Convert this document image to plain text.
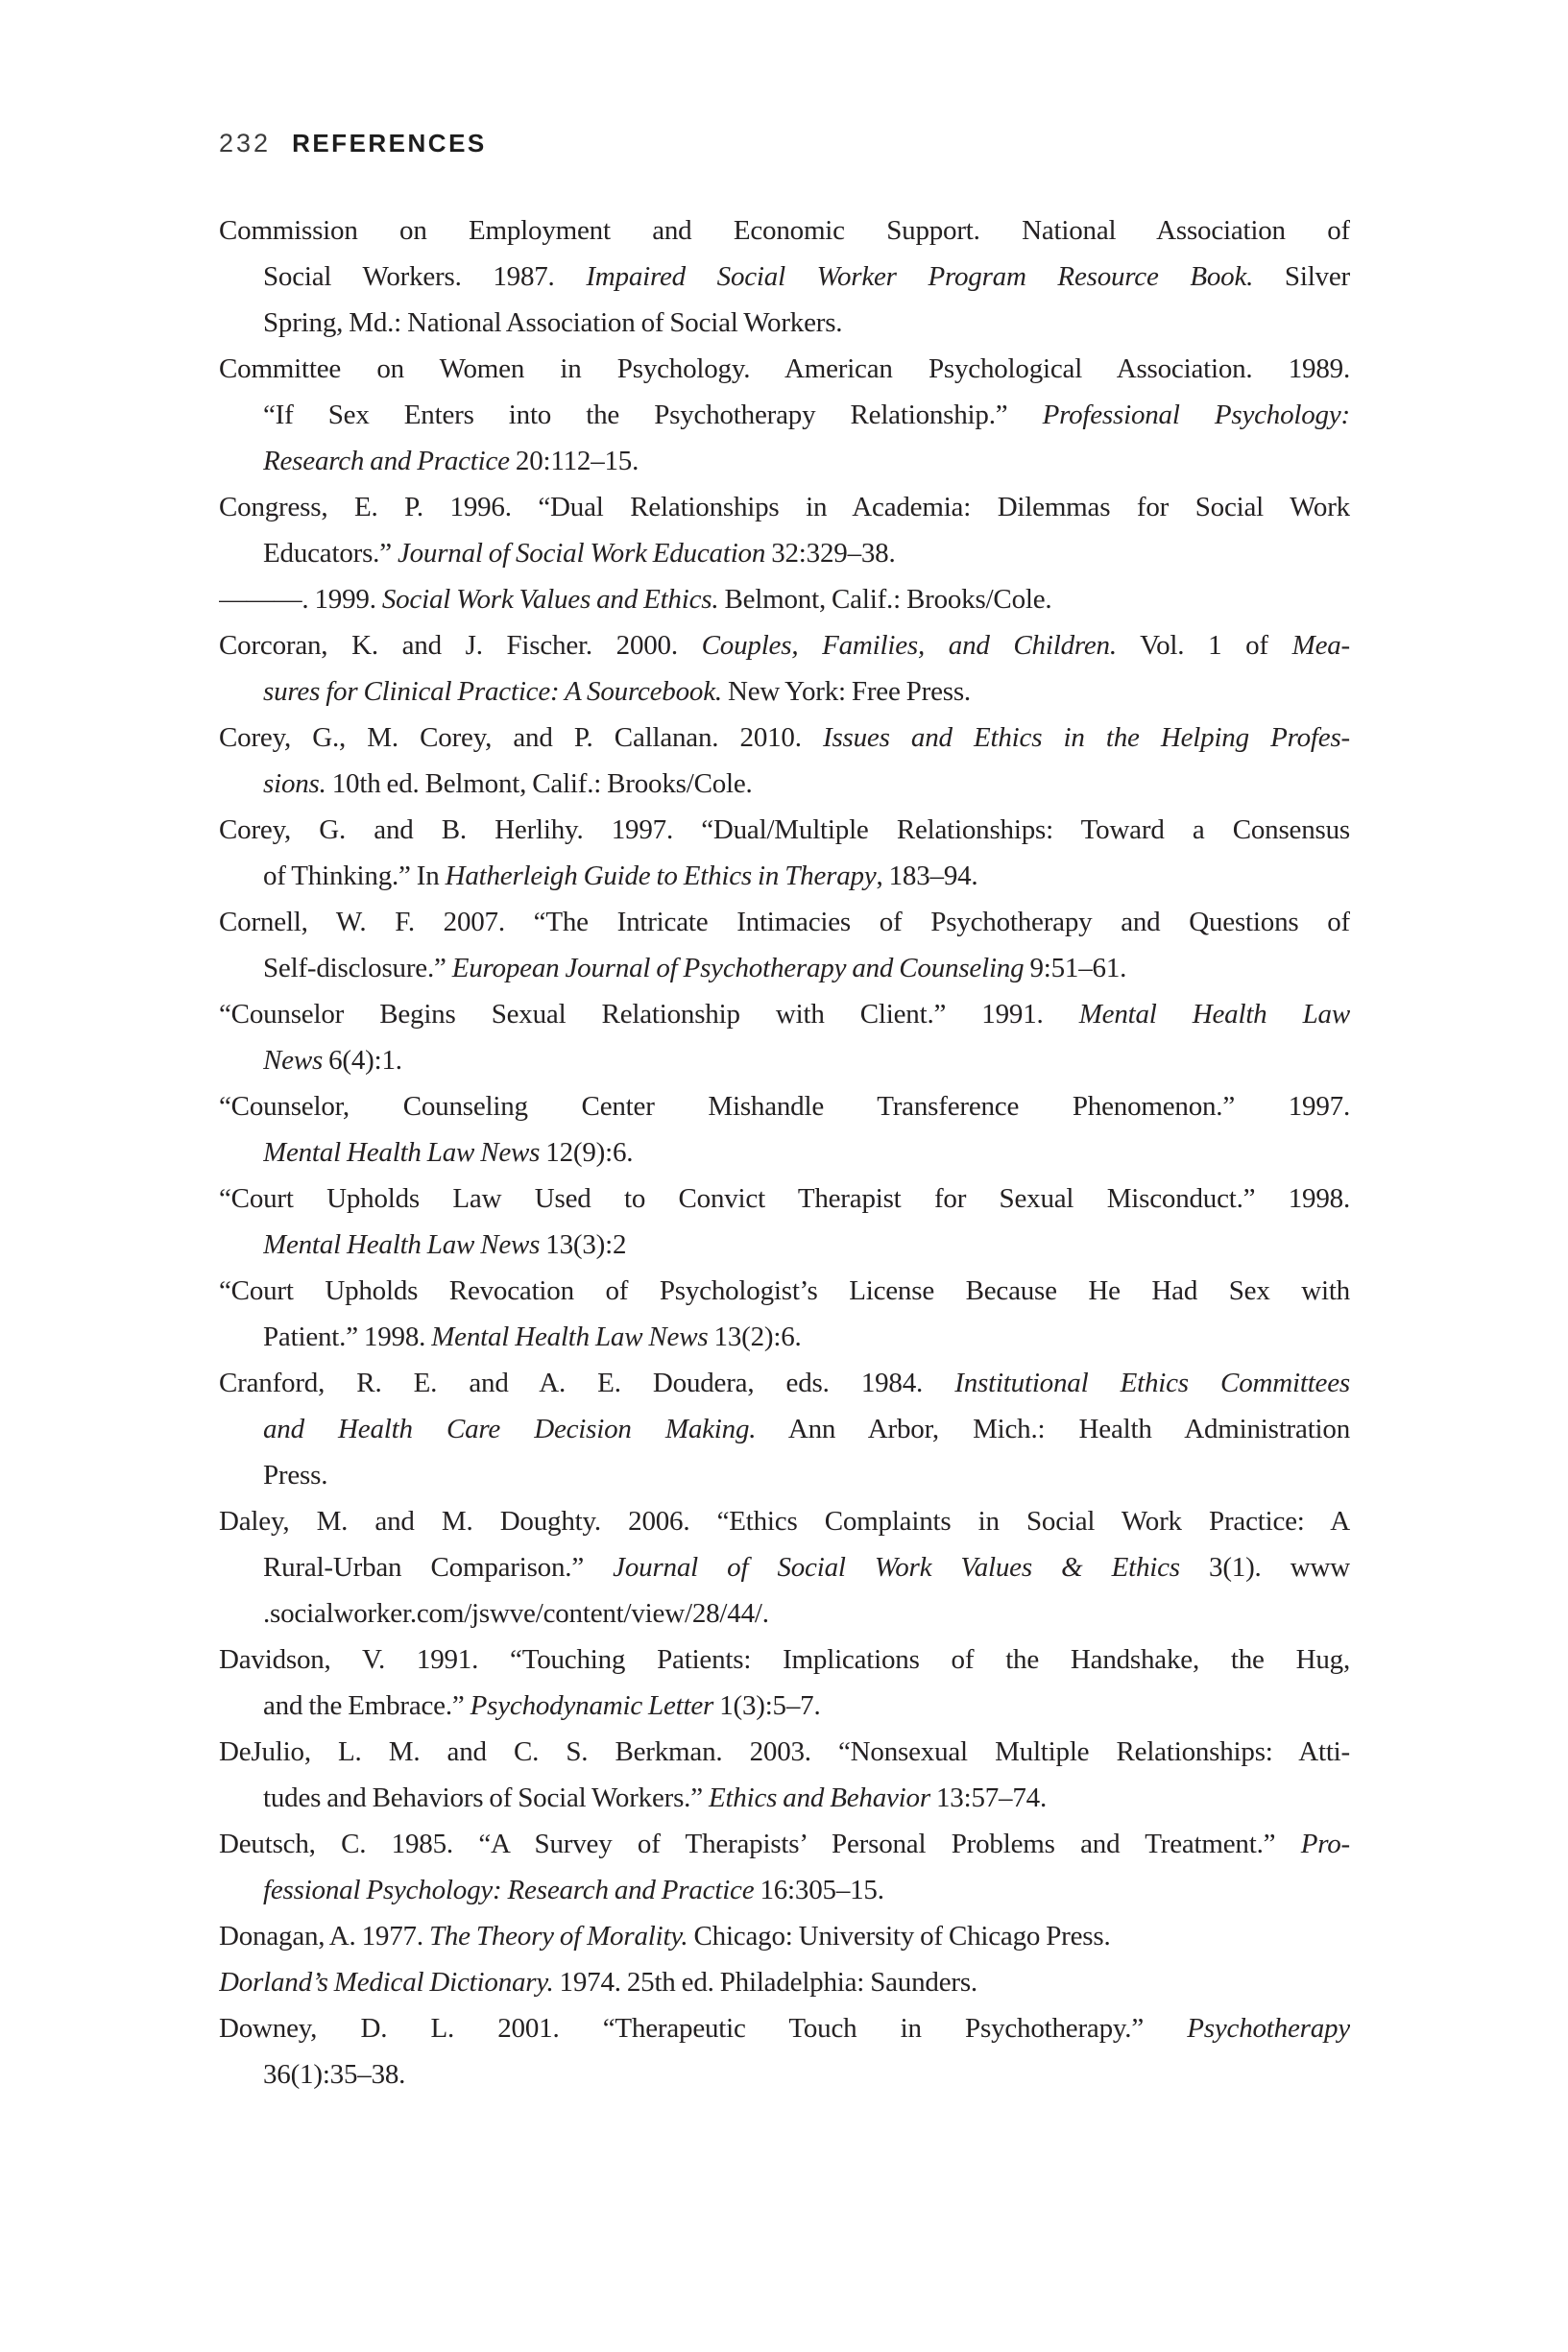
232 REFERENCES
Commission on Employment and Economic Support. National Association of
Social Workers. 1987. Impaired Social Worker Program Resource Book. Silver
Spring, Md.: National Association of Social Workers.
Committee on Women in Psychology. American Psychological Association. 1989.
“If Sex Enters into the Psychotherapy Relationship.” Professional Psychology:
Research and Practice 20:112–15.
Congress, E. P. 1996. “Dual Relationships in Academia: Dilemmas for Social Work
Educators.” Journal of Social Work Education 32:329–38.
———. 1999. Social Work Values and Ethics. Belmont, Calif.: Brooks/Cole.
Corcoran, K. and J. Fischer. 2000. Couples, Families, and Children. Vol. 1 of Mea-
sures for Clinical Practice: A Sourcebook. New York: Free Press.
Corey, G., M. Corey, and P. Callanan. 2010. Issues and Ethics in the Helping Profes-
sions. 10th ed. Belmont, Calif.: Brooks/Cole.
Corey, G. and B. Herlihy. 1997. “Dual/Multiple Relationships: Toward a Consensus
of Thinking.” In Hatherleigh Guide to Ethics in Therapy, 183–94.
Cornell, W. F. 2007. “The Intricate Intimacies of Psychotherapy and Questions of
Self-disclosure.” European Journal of Psychotherapy and Counseling 9:51–61.
“Counselor Begins Sexual Relationship with Client.” 1991. Mental Health Law
News 6(4):1.
“Counselor, Counseling Center Mishandle Transference Phenomenon.” 1997.
Mental Health Law News 12(9):6.
“Court Upholds Law Used to Convict Therapist for Sexual Misconduct.” 1998.
Mental Health Law News 13(3):2
“Court Upholds Revocation of Psychologist’s License Because He Had Sex with
Patient.” 1998. Mental Health Law News 13(2):6.
Cranford, R. E. and A. E. Doudera, eds. 1984. Institutional Ethics Committees
and Health Care Decision Making. Ann Arbor, Mich.: Health Administration
Press.
Daley, M. and M. Doughty. 2006. “Ethics Complaints in Social Work Practice: A
Rural-Urban Comparison.” Journal of Social Work Values & Ethics 3(1). www
.socialworker.com/jswve/content/view/28/44/.
Davidson, V. 1991. “Touching Patients: Implications of the Handshake, the Hug,
and the Embrace.” Psychodynamic Letter 1(3):5–7.
DeJulio, L. M. and C. S. Berkman. 2003. “Nonsexual Multiple Relationships: Atti-
tudes and Behaviors of Social Workers.” Ethics and Behavior 13:57–74.
Deutsch, C. 1985. “A Survey of Therapists’ Personal Problems and Treatment.” Pro-
fessional Psychology: Research and Practice 16:305–15.
Donagan, A. 1977. The Theory of Morality. Chicago: University of Chicago Press.
Dorland’s Medical Dictionary. 1974. 25th ed. Philadelphia: Saunders.
Downey, D. L. 2001. “Therapeutic Touch in Psychotherapy.” Psychotherapy
36(1):35–38.
